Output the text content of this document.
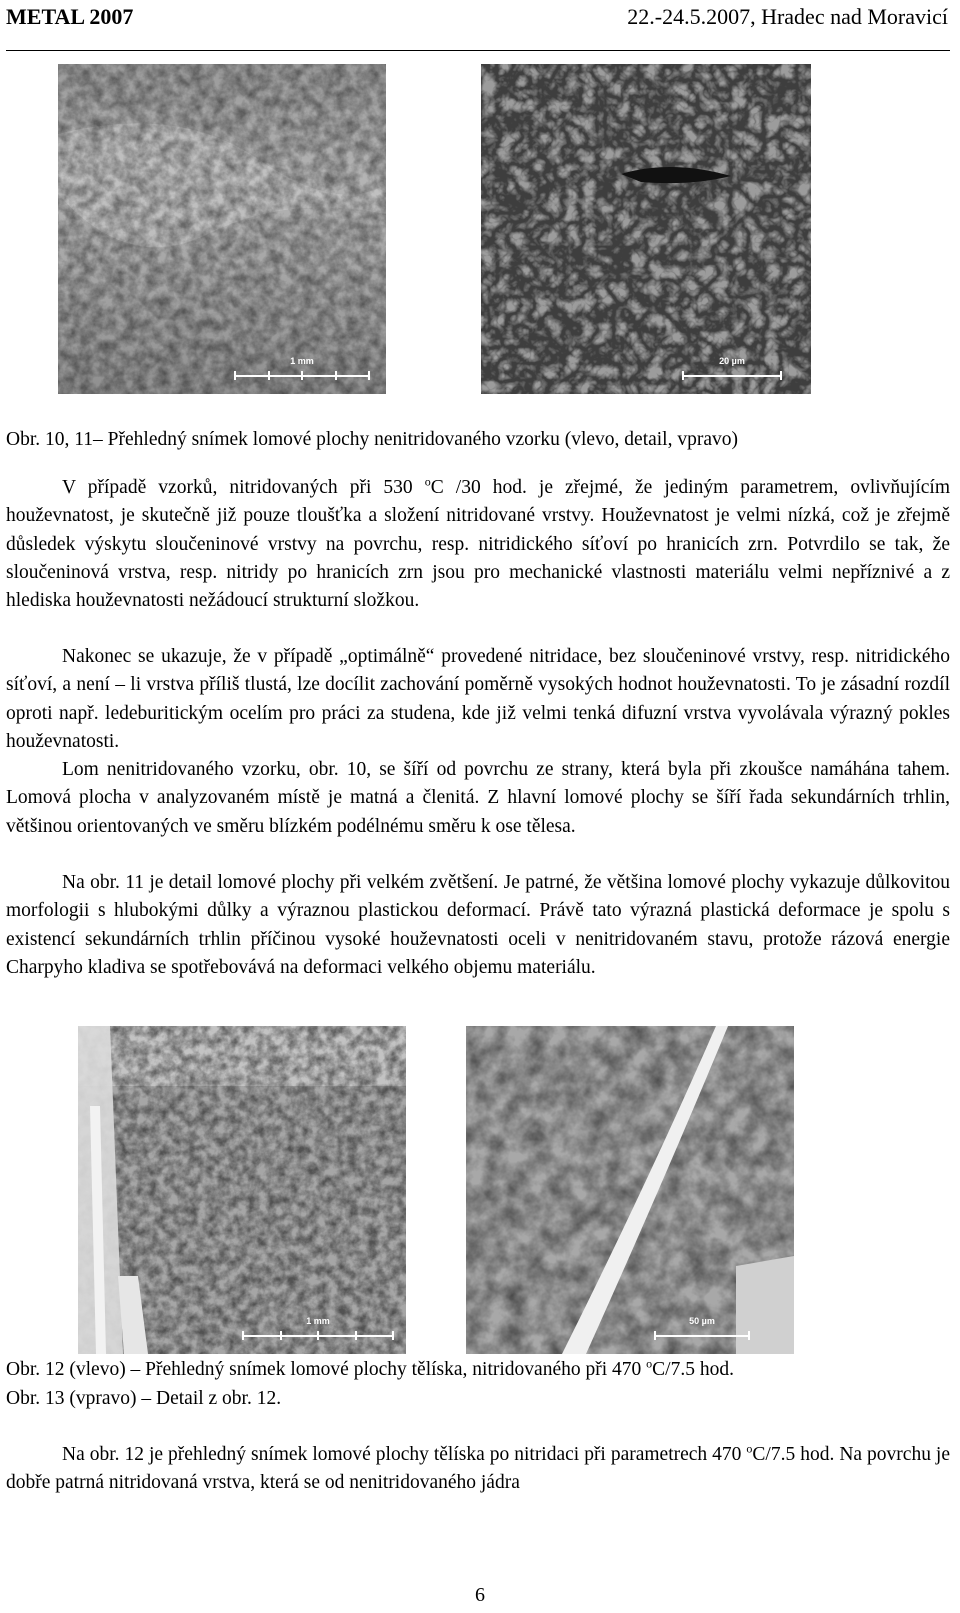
METAL 2007	22.-24.5.2007, Hradec nad Moravicí
1 mm	20 µm
Obr. 10, 11– Přehledný snímek lomové plochy nenitridovaného vzorku (vlevo, detail, vpravo)
V případě vzorků, nitridovaných při 530 $^o$C /30 hod. je zřejmé, že jediným parametrem, ovlivňujícím houževnatost, je skutečně již pouze tloušťka a složení nitridované vrstvy. Houževnatost je velmi nízká, což je zřejmě důsledek výskytu sloučeninové vrstvy na povrchu, resp. nitridického síťoví po hranicích zrn. Potvrdilo se tak, že sloučeninová vrstva, resp. nitridy po hranicích zrn jsou pro mechanické vlastnosti materiálu velmi nepříznivé a z hlediska houževnatosti nežádoucí strukturní složkou.
Nakonec se ukazuje, že v případě „optimálně“ provedené nitridace, bez sloučeninové vrstvy, resp. nitridického síťoví, a není – li vrstva příliš tlustá, lze docílit zachování poměrně vysokých hodnot houževnatosti. To je zásadní rozdíl oproti např. ledeburitickým ocelím pro práci za studena, kde již velmi tenká difuzní vrstva vyvolávala výrazný pokles houževnatosti.
Lom nenitridovaného vzorku, obr. 10, se šíří od povrchu ze strany, která byla při zkoušce namáhána tahem. Lomová plocha v analyzovaném místě je matná a členitá. Z hlavní lomové plochy se šíří řada sekundárních trhlin, většinou orientovaných ve směru blízkém podélnému směru k ose tělesa.
Na obr. 11 je detail lomové plochy při velkém zvětšení. Je patrné, že většina lomové plochy vykazuje důlkovitou morfologii s hlubokými důlky a výraznou plastickou deformací. Právě tato výrazná plastická deformace je spolu s existencí sekundárních trhlin příčinou vysoké houževnatosti oceli v nenitridovaném stavu, protože rázová energie Charpyho kladiva se spotřebovává na deformaci velkého objemu materiálu.
1 mm	50 µm
Obr. 12 (vlevo) – Přehledný snímek lomové plochy tělíska, nitridovaného při 470 $^o$C/7.5 hod.
Obr. 13 (vpravo) – Detail z obr. 12.
Na obr. 12 je přehledný snímek lomové plochy tělíska po nitridaci při parametrech 470 $^o$C/7.5 hod. Na povrchu je dobře patrná nitridovaná vrstva, která se od nenitridovaného jádra
6
